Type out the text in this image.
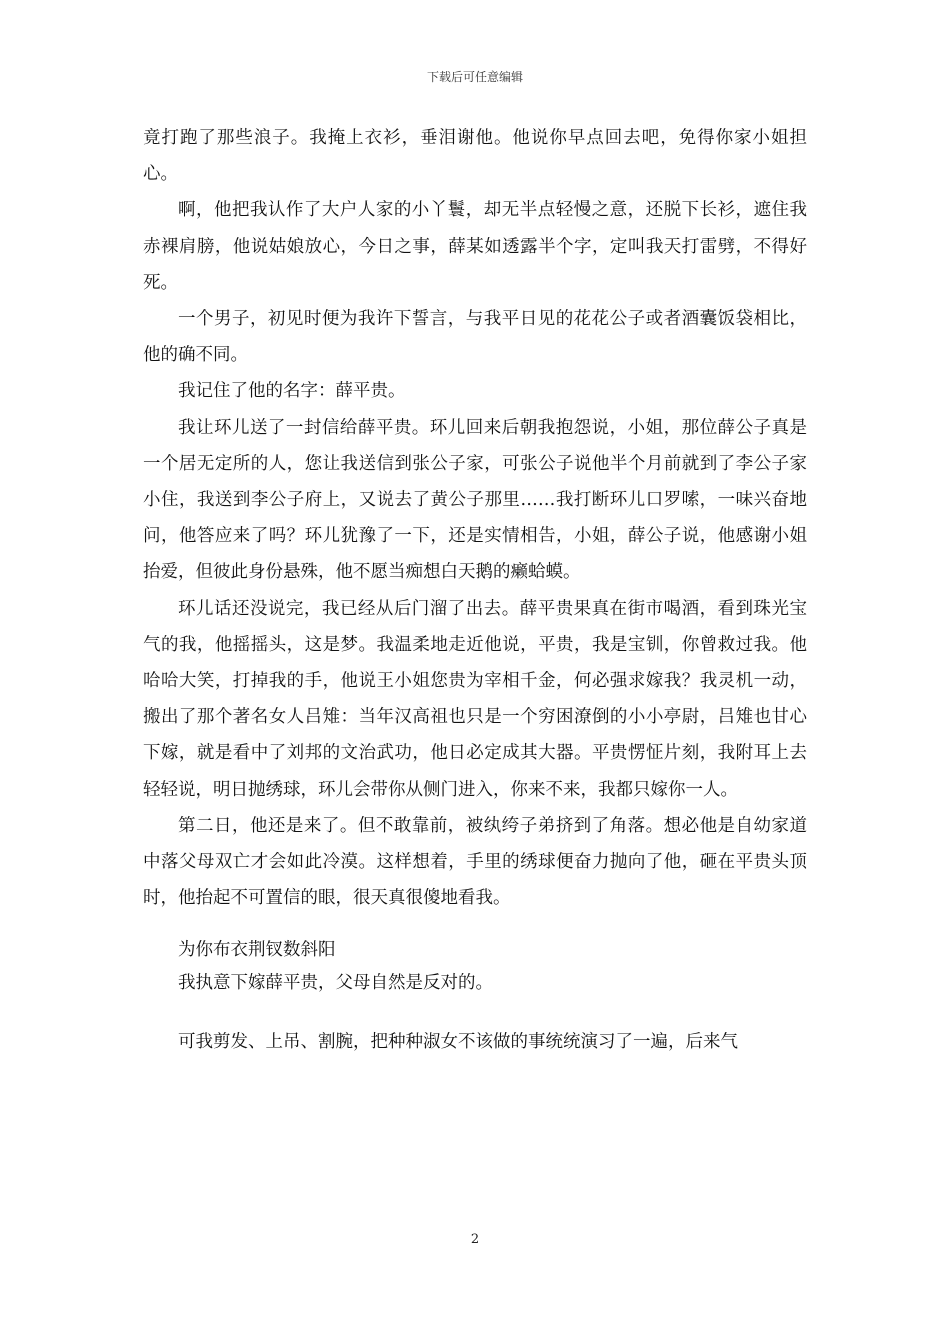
下载后可任意编辑

竟打跑了那些浪子。我掩上衣衫，垂泪谢他。他说你早点回去吧，免得你家小姐担心。

啊，他把我认作了大户人家的小丫鬟，却无半点轻慢之意，还脱下长衫，遮住我赤裸肩膀，他说姑娘放心，今日之事，薛某如透露半个字，定叫我天打雷劈，不得好死。

一个男子，初见时便为我许下誓言，与我平日见的花花公子或者酒囊饭袋相比，他的确不同。

我记住了他的名字：薛平贵。

我让环儿送了一封信给薛平贵。环儿回来后朝我抱怨说，小姐，那位薛公子真是一个居无定所的人，您让我送信到张公子家，可张公子说他半个月前就到了李公子家小住，我送到李公子府上，又说去了黄公子那里……我打断环儿口罗嗦，一味兴奋地问，他答应来了吗？环儿犹豫了一下，还是实情相告，小姐，薛公子说，他感谢小姐抬爱，但彼此身份悬殊，他不愿当痴想白天鹅的癞蛤蟆。

环儿话还没说完，我已经从后门溜了出去。薛平贵果真在街市喝酒，看到珠光宝气的我，他摇摇头，这是梦。我温柔地走近他说，平贵，我是宝钏，你曾救过我。他哈哈大笑，打掉我的手，他说王小姐您贵为宰相千金，何必强求嫁我？我灵机一动，搬出了那个著名女人吕雉：当年汉高祖也只是一个穷困潦倒的小小亭尉，吕雉也甘心下嫁，就是看中了刘邦的文治武功，他日必定成其大器。平贵愣怔片刻，我附耳上去轻轻说，明日抛绣球，环儿会带你从侧门进入，你来不来，我都只嫁你一人。

第二日，他还是来了。但不敢靠前，被纨绔子弟挤到了角落。想必他是自幼家道中落父母双亡才会如此冷漠。这样想着，手里的绣球便奋力抛向了他，砸在平贵头顶时，他抬起不可置信的眼，很天真很傻地看我。

为你布衣荆钗数斜阳

我执意下嫁薛平贵，父母自然是反对的。

可我剪发、上吊、割腕，把种种淑女不该做的事统统演习了一遍，后来气

2
